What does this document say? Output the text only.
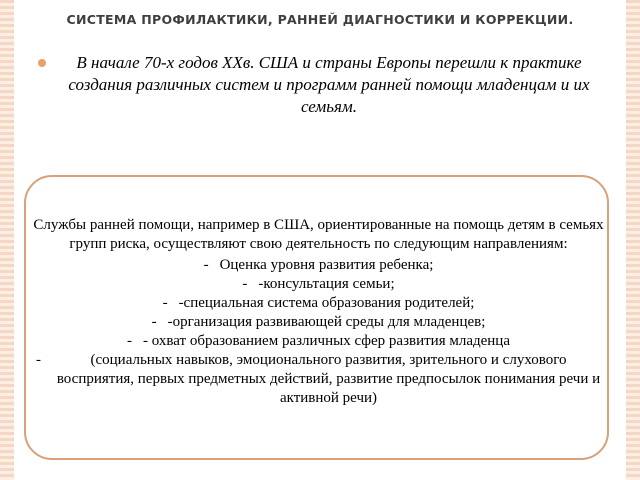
СИСТЕМА ПРОФИЛАКТИКИ, РАННЕЙ ДИАГНОСТИКИ И КОРРЕКЦИИ.
В начале 70-х годов XXв. США и страны Европы перешли к практике создания различных систем и программ ранней помощи младенцам и их семьям.
Службы ранней помощи, например в США, ориентированные на помощь детям в семьях групп риска, осуществляют свою деятельность по следующим направлениям:
- Оценка уровня развития ребенка;
- -консультация семьи;
- -специальная система образования родителей;
- -организация развивающей среды для младенцев;
- - охват образованием различных сфер развития младенца
-	(социальных навыков, эмоционального развития, зрительного и слухового восприятия, первых предметных действий, развитие предпосылок понимания речи и активной речи)
